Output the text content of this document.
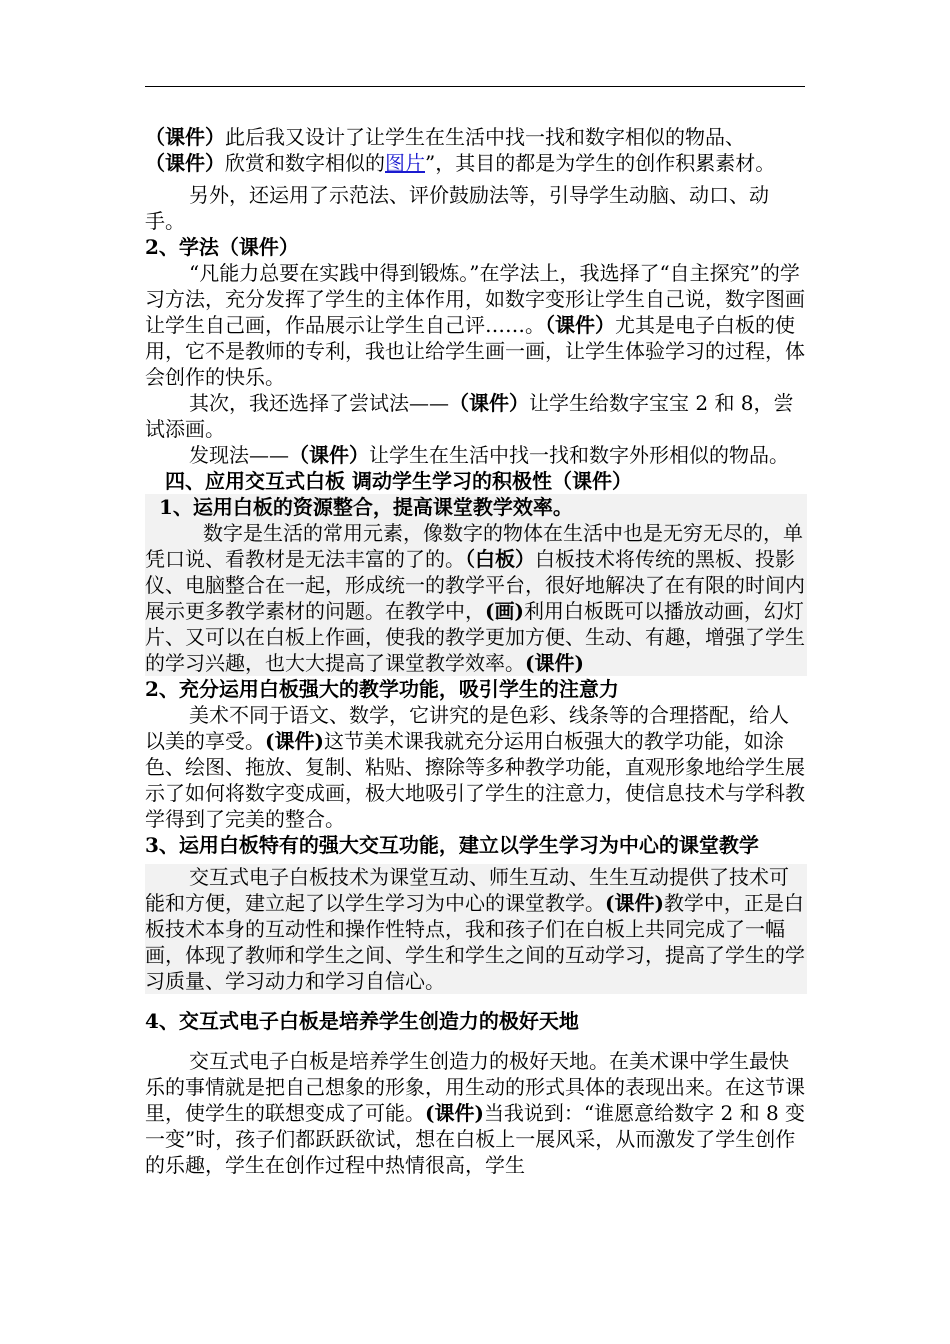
（课件）此后我又设计了让学生在生活中找一找和数字相似的物品、（课件）欣赏和数字相似的图片”，其目的都是为学生的创作积累素材。

另外，还运用了示范法、评价鼓励法等，引导学生动脑、动口、动手。

2、学法（课件）

“凡能力总要在实践中得到锻炼。”在学法上，我选择了“自主探究”的学习方法，充分发挥了学生的主体作用，如数字变形让学生自己说，数字图画让学生自己画，作品展示让学生自己评……。（课件）尤其是电子白板的使用，它不是教师的专利，我也让给学生画一画，让学生体验学习的过程，体会创作的快乐。

其次，我还选择了尝试法——（课件）让学生给数字宝宝 2 和 8，尝试添画。

发现法——（课件）让学生在生活中找一找和数字外形相似的物品。

四、应用交互式白板 调动学生学习的积极性（课件）

1、运用白板的资源整合，提高课堂教学效率。

数字是生活的常用元素，像数字的物体在生活中也是无穷无尽的，单凭口说、看教材是无法丰富的了的。（白板）白板技术将传统的黑板、投影仪、电脑整合在一起，形成统一的教学平台，很好地解决了在有限的时间内展示更多教学素材的问题。在教学中，(画)利用白板既可以播放动画，幻灯片、又可以在白板上作画，使我的教学更加方便、生动、有趣，增强了学生的学习兴趣，也大大提高了课堂教学效率。(课件)

2、充分运用白板强大的教学功能，吸引学生的注意力

美术不同于语文、数学，它讲究的是色彩、线条等的合理搭配，给人以美的享受。(课件)这节美术课我就充分运用白板强大的教学功能，如涂色、绘图、拖放、复制、粘贴、擦除等多种教学功能，直观形象地给学生展示了如何将数字变成画，极大地吸引了学生的注意力，使信息技术与学科教学得到了完美的整合。

3、运用白板特有的强大交互功能，建立以学生学习为中心的课堂教学

交互式电子白板技术为课堂互动、师生互动、生生互动提供了技术可能和方便，建立起了以学生学习为中心的课堂教学。(课件)教学中，正是白板技术本身的互动性和操作性特点，我和孩子们在白板上共同完成了一幅画，体现了教师和学生之间、学生和学生之间的互动学习，提高了学生的学习质量、学习动力和学习自信心。

4、交互式电子白板是培养学生创造力的极好天地

交互式电子白板是培养学生创造力的极好天地。在美术课中学生最快乐的事情就是把自己想象的形象，用生动的形式具体的表现出来。在这节课里，使学生的联想变成了可能。(课件)当我说到：“谁愿意给数字 2 和 8 变一变”时，孩子们都跃跃欲试，想在白板上一展风采，从而激发了学生创作的乐趣，学生在创作过程中热情很高，学生
